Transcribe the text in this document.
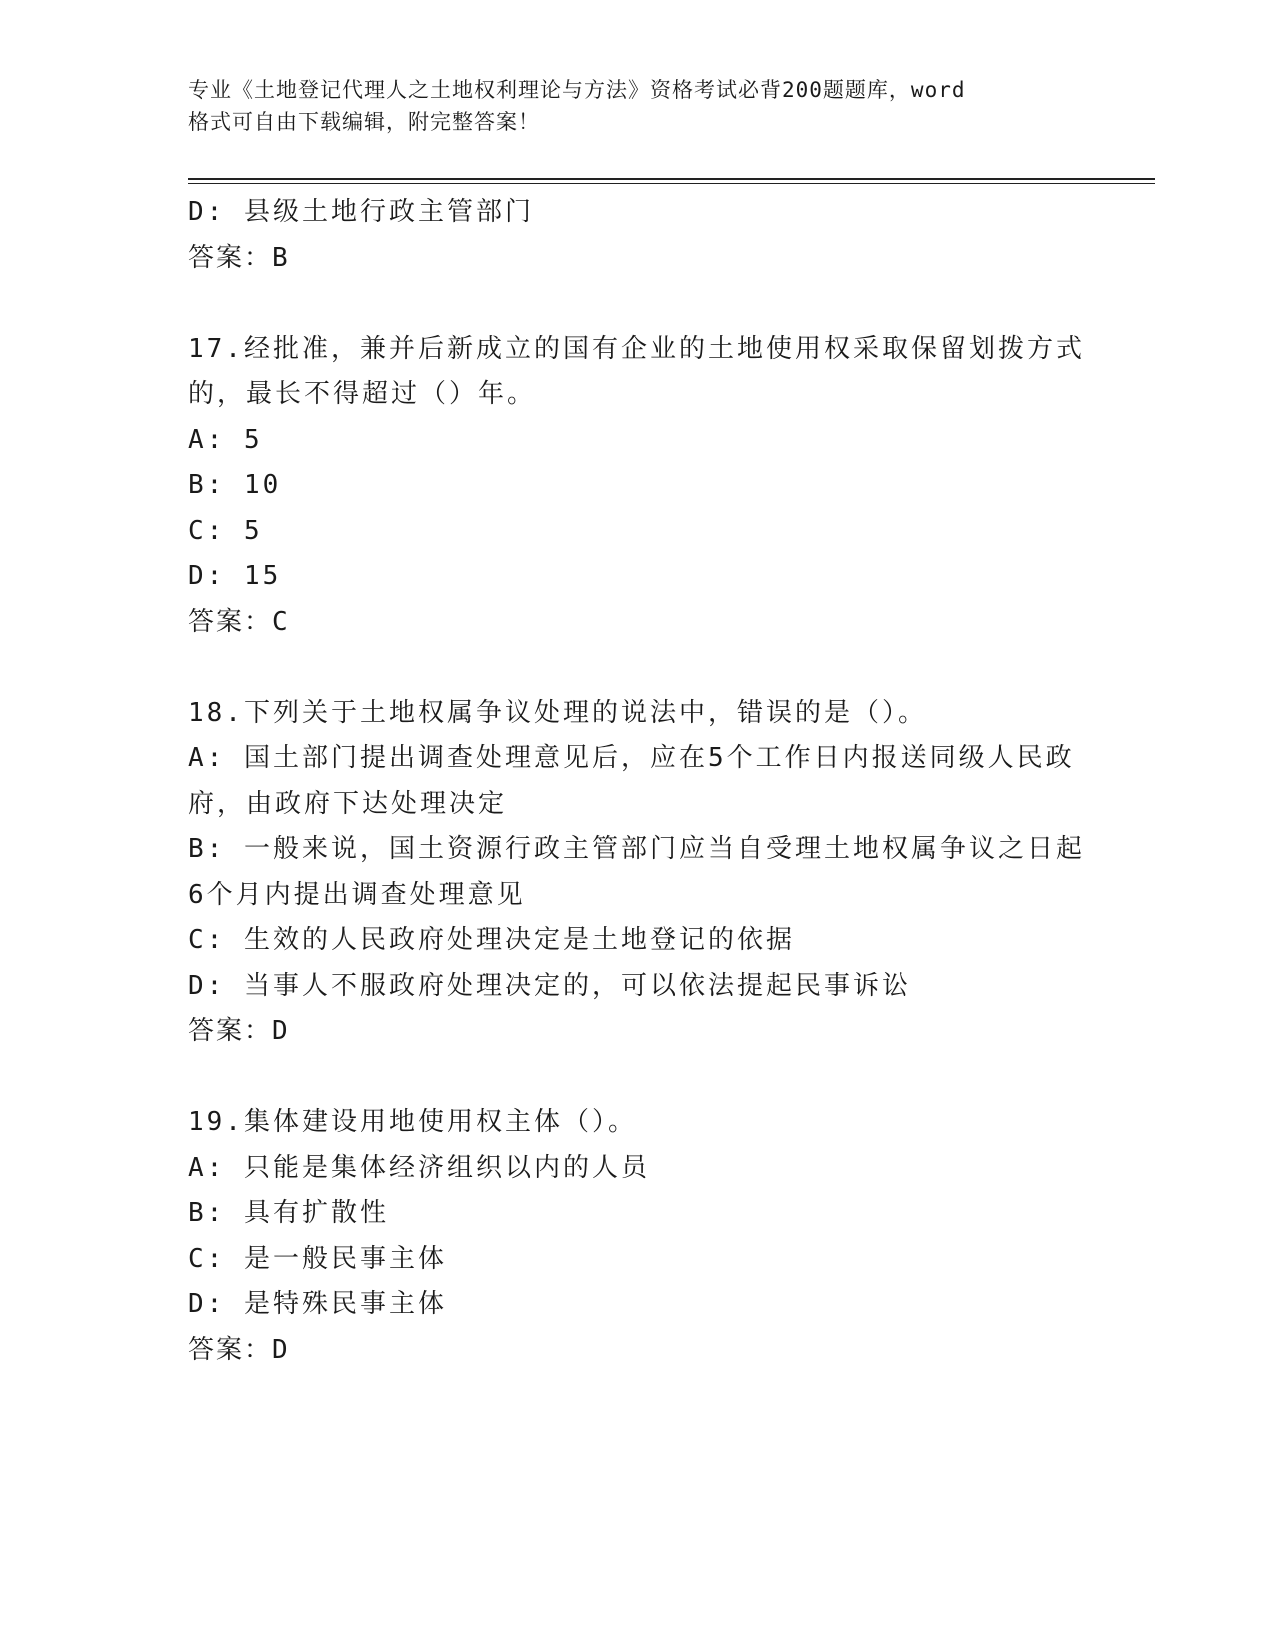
专业《土地登记代理人之土地权利理论与方法》资格考试必背200题题库，word
格式可自由下载编辑，附完整答案！
D: 县级土地行政主管部门
答案：B
17.经批准，兼并后新成立的国有企业的土地使用权采取保留划拨方式
的，最长不得超过（）年。
A: 5
B: 10
C: 5
D: 15
答案：C
18.下列关于土地权属争议处理的说法中，错误的是（）。
A: 国土部门提出调查处理意见后，应在5个工作日内报送同级人民政
府，由政府下达处理决定
B: 一般来说，国土资源行政主管部门应当自受理土地权属争议之日起
6个月内提出调查处理意见
C: 生效的人民政府处理决定是土地登记的依据
D: 当事人不服政府处理决定的，可以依法提起民事诉讼
答案：D
19.集体建设用地使用权主体（）。
A: 只能是集体经济组织以内的人员
B: 具有扩散性
C: 是一般民事主体
D: 是特殊民事主体
答案：D
